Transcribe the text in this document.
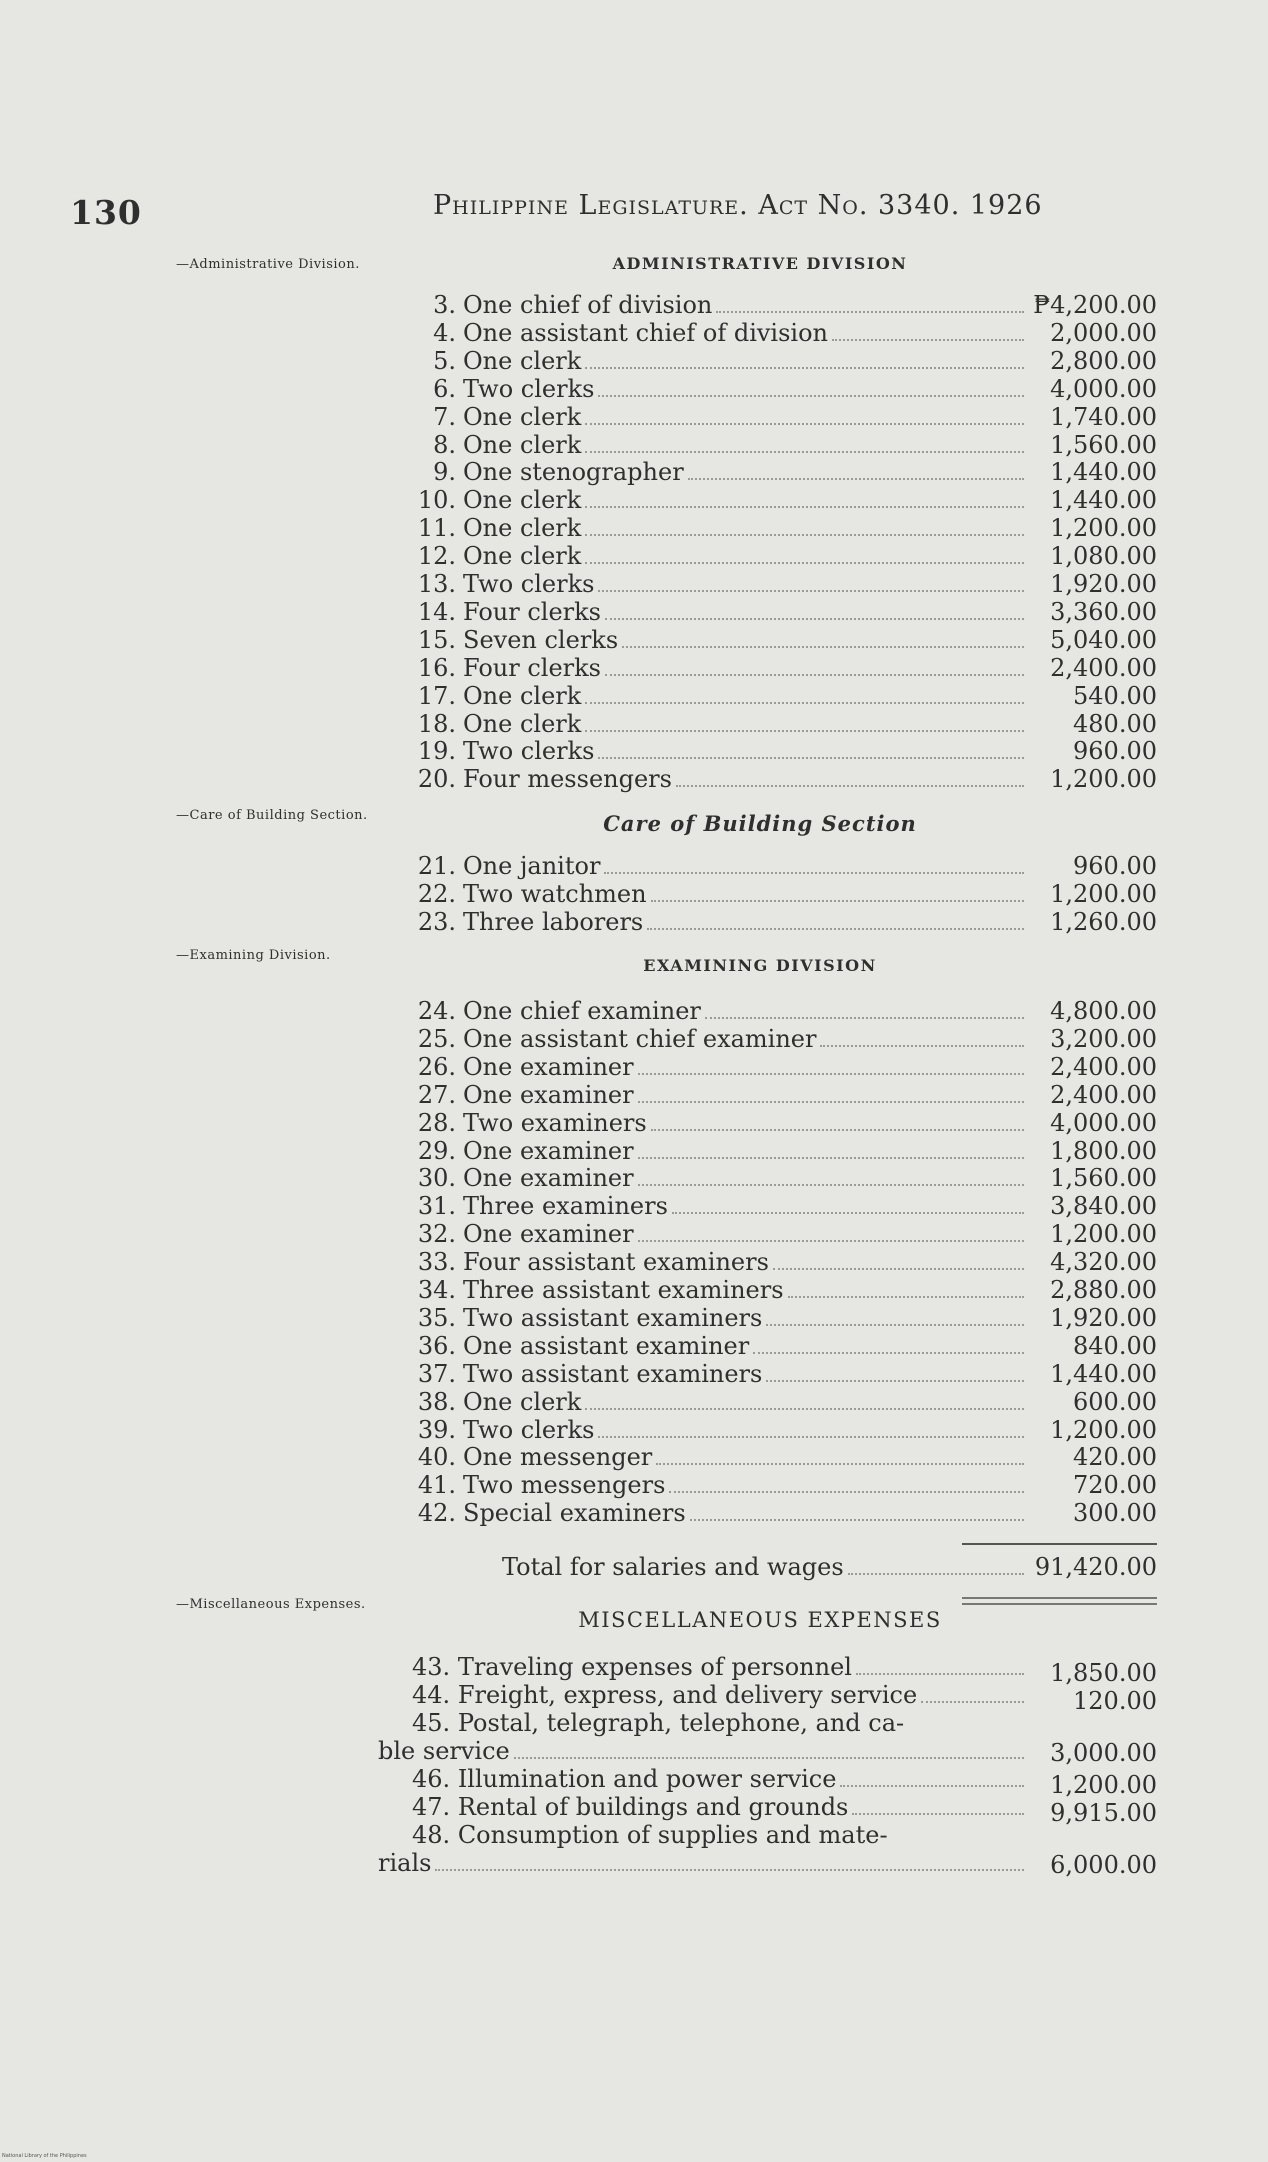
130	Philippine Legislature. Act No. 3340. 1926
—Administrative Division.	ADMINISTRATIVE DIVISION
3. One chief of division	₱4,200.00
4. One assistant chief of division	2,000.00
5. One clerk	2,800.00
6. Two clerks	4,000.00
7. One clerk	1,740.00
8. One clerk	1,560.00
9. One stenographer	1,440.00
10. One clerk	1,440.00
11. One clerk	1,200.00
12. One clerk	1,080.00
13. Two clerks	1,920.00
14. Four clerks	3,360.00
15. Seven clerks	5,040.00
16. Four clerks	2,400.00
17. One clerk	540.00
18. One clerk	480.00
19. Two clerks	960.00
20. Four messengers	1,200.00
—Care of Building Section.	Care of Building Section
21. One janitor	960.00
22. Two watchmen	1,200.00
23. Three laborers	1,260.00
—Examining Division.
EXAMINING DIVISION
24. One chief examiner	4,800.00
25. One assistant chief examiner	3,200.00
26. One examiner	2,400.00
27. One examiner	2,400.00
28. Two examiners	4,000.00
29. One examiner	1,800.00
30. One examiner	1,560.00
31. Three examiners	3,840.00
32. One examiner	1,200.00
33. Four assistant examiners	4,320.00
34. Three assistant examiners	2,880.00
35. Two assistant examiners	1,920.00
36. One assistant examiner	840.00
37. Two assistant examiners	1,440.00
38. One clerk	600.00
39. Two clerks	1,200.00
40. One messenger	420.00
41. Two messengers	720.00
42. Special examiners	300.00
Total for salaries and wages	91,420.00
—Miscellaneous Expenses.
MISCELLANEOUS EXPENSES
43.
Traveling expenses of personnel	1,850.00
44.
Freight, express, and delivery service	120.00
45. Postal, telegraph, telephone, and ca-
ble service	3,000.00
46.
Illumination and power service	1,200.00
47.
Rental of buildings and grounds	9,915.00
48. Consumption of supplies and mate-
rials	6,000.00
National Library of the Philippines
